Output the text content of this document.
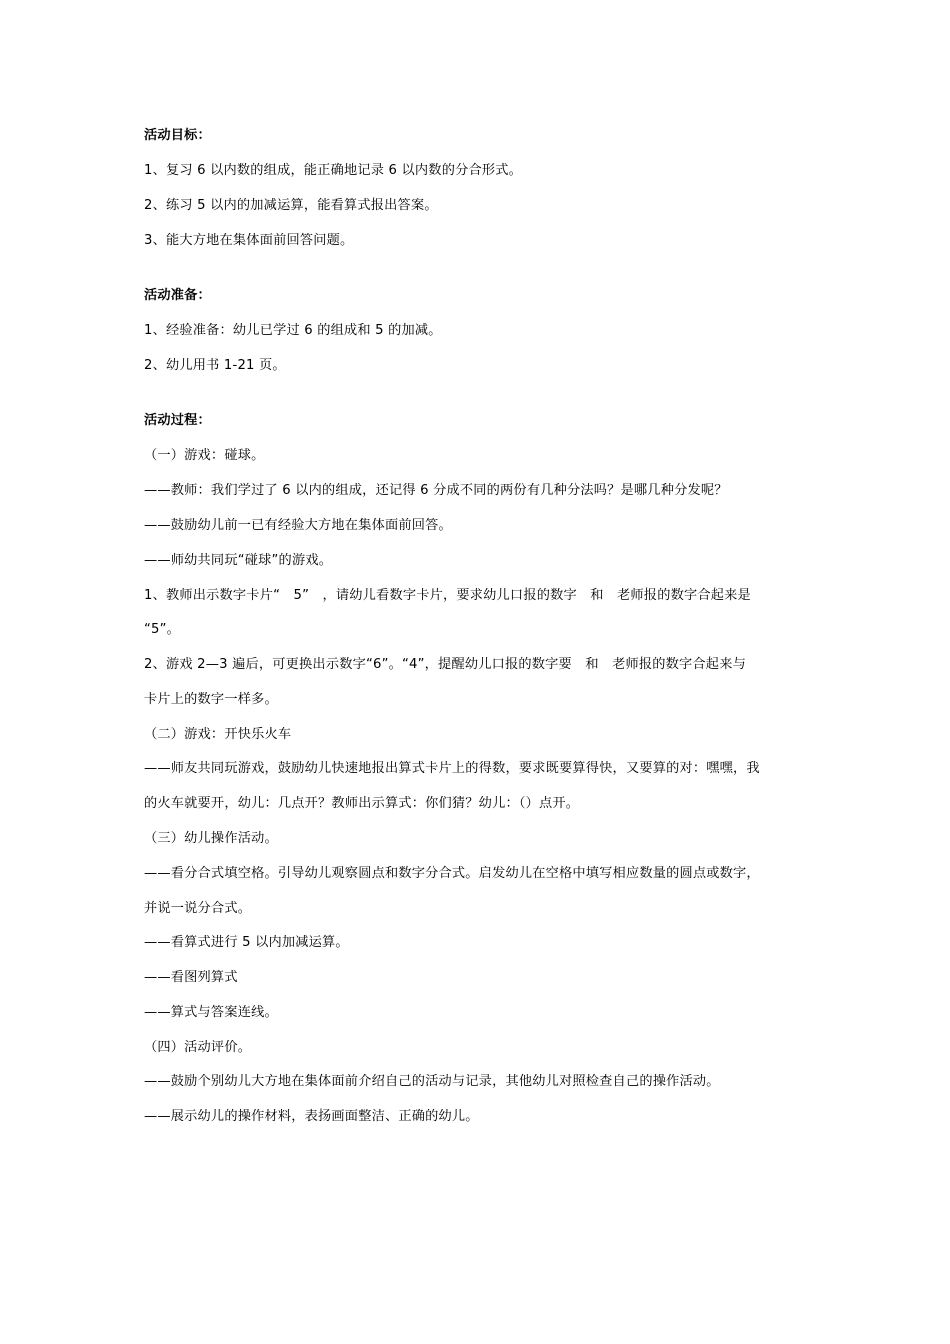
活动目标：
1、复习 6 以内数的组成，能正确地记录 6 以内数的分合形式。
2、练习 5 以内的加减运算，能看算式报出答案。
3、能大方地在集体面前回答问题。
活动准备：
1、经验准备：幼儿已学过 6 的组成和 5 的加减。
2、幼儿用书 1-21 页。
活动过程：
（一）游戏：碰球。
——教师：我们学过了 6 以内的组成，还记得 6 分成不同的两份有几种分法吗？是哪几种分发呢？
——鼓励幼儿前一已有经验大方地在集体面前回答。
——师幼共同玩“碰球”的游戏。
1、教师出示数字卡片“　5”　，请幼儿看数字卡片，要求幼儿口报的数字　和　老师报的数字合起来是
“5”。
2、游戏 2—3 遍后，可更换出示数字“6”。“4”，提醒幼儿口报的数字要　和　老师报的数字合起来与
卡片上的数字一样多。
（二）游戏：开快乐火车
——师友共同玩游戏，鼓励幼儿快速地报出算式卡片上的得数，要求既要算得快，又要算的对：嘿嘿，我
的火车就要开，幼儿：几点开？教师出示算式：你们猜？幼儿：（）点开。
（三）幼儿操作活动。
——看分合式填空格。引导幼儿观察圆点和数字分合式。启发幼儿在空格中填写相应数量的圆点或数字，
并说一说分合式。
——看算式进行 5 以内加减运算。
——看图列算式
——算式与答案连线。
（四）活动评价。
——鼓励个别幼儿大方地在集体面前介绍自己的活动与记录，其他幼儿对照检查自己的操作活动。
——展示幼儿的操作材料，表扬画面整洁、正确的幼儿。
